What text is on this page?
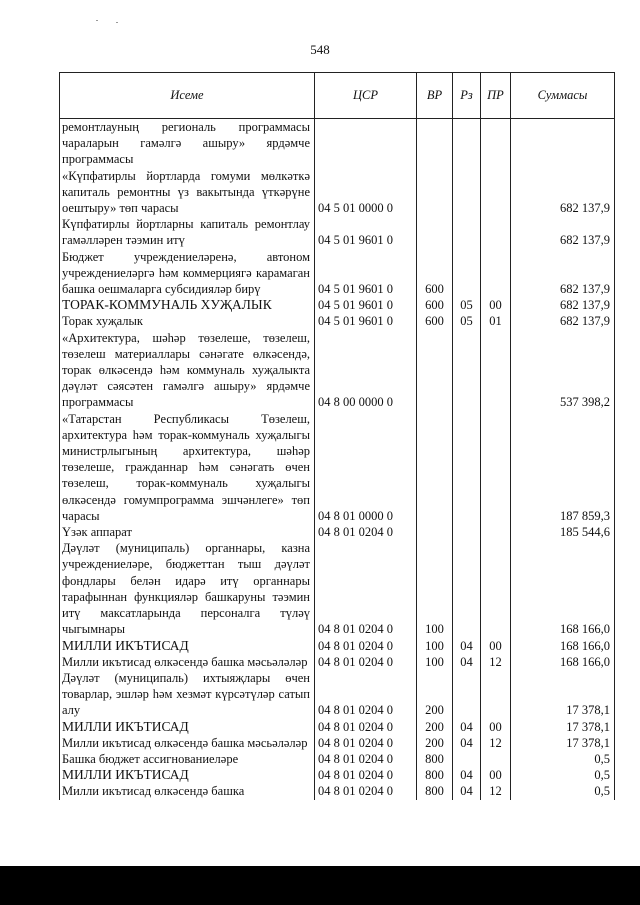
548
Исеме	ЦСР	ВР	Рз	ПР	Суммасы
ремонтлауның региональ программасы чараларын гамәлгә ашыру» ярдәмче программасы					
«Күпфатирлы йортларда гомуми мөлкәткә капиталь ремонтны үз вакытында үткәрүне оештыру» төп чарасы	04 5 01 0000 0				682 137,9
Күпфатирлы йортларны капиталь ремонтлау гамәлләрен тәэмин итү	04 5 01 9601 0				682 137,9
Бюджет учреждениеләренә, автоном учреждениеләргә һәм коммерциягә карамаган башка оешмаларга субсидияләр бирү	04 5 01 9601 0	600			682 137,9
ТОРАК-КОММУНАЛЬ ХУҖАЛЫК	04 5 01 9601 0	600	05	00	682 137,9
Торак хуҗалык	04 5 01 9601 0	600	05	01	682 137,9
«Архитектура, шәһәр төзелеше, төзелеш, төзелеш материаллары сәнәгате өлкәсендә, торак өлкәсендә һәм коммуналь хуҗалыкта дәүләт сәясәтен гамәлгә ашыру» ярдәмче программасы	04 8 00 0000 0				537 398,2
«Татарстан Республикасы Төзелеш, архитектура һәм торак-коммуналь хуҗалыгы министрлыгының архитектура, шәһәр төзелеше, гражданнар һәм сәнәгать өчен төзелеш, торак-коммуналь хуҗалыгы өлкәсендә гомумпрограмма эшчәнлеге» төп чарасы	04 8 01 0000 0				187 859,3
Үзәк аппарат	04 8 01 0204 0				185 544,6
Дәүләт (муниципаль) органнары, казна учреждениеләре, бюджеттан тыш дәүләт фондлары белән идарә итү органнары тарафыннан функцияләр башкаруны тәэмин итү максатларында персоналга түләү чыгымнары	04 8 01 0204 0	100			168 166,0
МИЛЛИ ИКЪТИСАД	04 8 01 0204 0	100	04	00	168 166,0
Милли икътисад өлкәсендә башка мәсьәләләр	04 8 01 0204 0	100	04	12	168 166,0
Дәүләт (муниципаль) ихтыяҗлары өчен товарлар, эшләр һәм хезмәт күрсәтүләр сатып алу	04 8 01 0204 0	200			17 378,1
МИЛЛИ ИКЪТИСАД	04 8 01 0204 0	200	04	00	17 378,1
Милли икътисад өлкәсендә башка мәсьәләләр	04 8 01 0204 0	200	04	12	17 378,1
Башка бюджет ассигнованиеләре	04 8 01 0204 0	800			0,5
МИЛЛИ ИКЪТИСАД	04 8 01 0204 0	800	04	00	0,5
Милли икътисад өлкәсендә башка	04 8 01 0204 0	800	04	12	0,5
